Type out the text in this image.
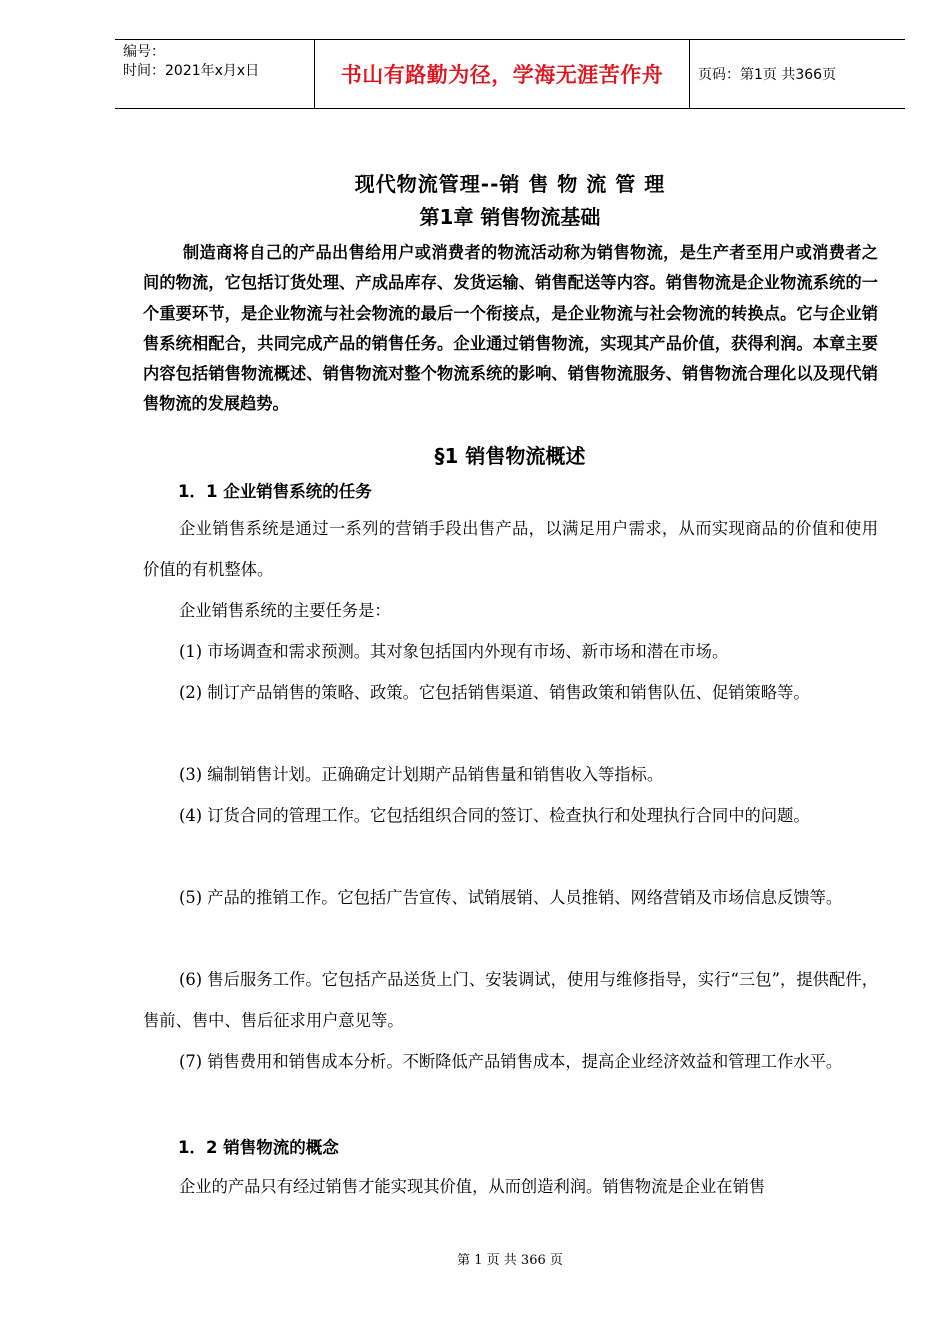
编号：
时间：2021年x月x日	书山有路勤为径，学海无涯苦作舟	页码：第1页 共366页
现代物流管理--销 售 物 流 管 理
第1章 销售物流基础

制造商将自己的产品出售给用户或消费者的物流活动称为销售物流，是生产者至用户或消费者之间的物流，它包括订货处理、产成品库存、发货运输、销售配送等内容。销售物流是企业物流系统的一个重要环节，是企业物流与社会物流的最后一个衔接点，是企业物流与社会物流的转换点。它与企业销售系统相配合，共同完成产品的销售任务。企业通过销售物流，实现其产品价值，获得利润。本章主要内容包括销售物流概述、销售物流对整个物流系统的影响、销售物流服务、销售物流合理化以及现代销售物流的发展趋势。

§1 销售物流概述
1．1 企业销售系统的任务

企业销售系统是通过一系列的营销手段出售产品，以满足用户需求，从而实现商品的价值和使用价值的有机整体。

企业销售系统的主要任务是：

(1) 市场调查和需求预测。其对象包括国内外现有市场、新市场和潜在市场。

(2) 制订产品销售的策略、政策。它包括销售渠道、销售政策和销售队伍、促销策略等。

(3) 编制销售计划。正确确定计划期产品销售量和销售收入等指标。

(4) 订货合同的管理工作。它包括组织合同的签订、检查执行和处理执行合同中的问题。

(5) 产品的推销工作。它包括广告宣传、试销展销、人员推销、网络营销及市场信息反馈等。

(6) 售后服务工作。它包括产品送货上门、安装调试，使用与维修指导，实行“三包”，提供配件，售前、售中、售后征求用户意见等。

(7) 销售费用和销售成本分析。不断降低产品销售成本，提高企业经济效益和管理工作水平。

1．2 销售物流的概念

企业的产品只有经过销售才能实现其价值，从而创造利润。销售物流是企业在销售

第 1 页 共 366 页
